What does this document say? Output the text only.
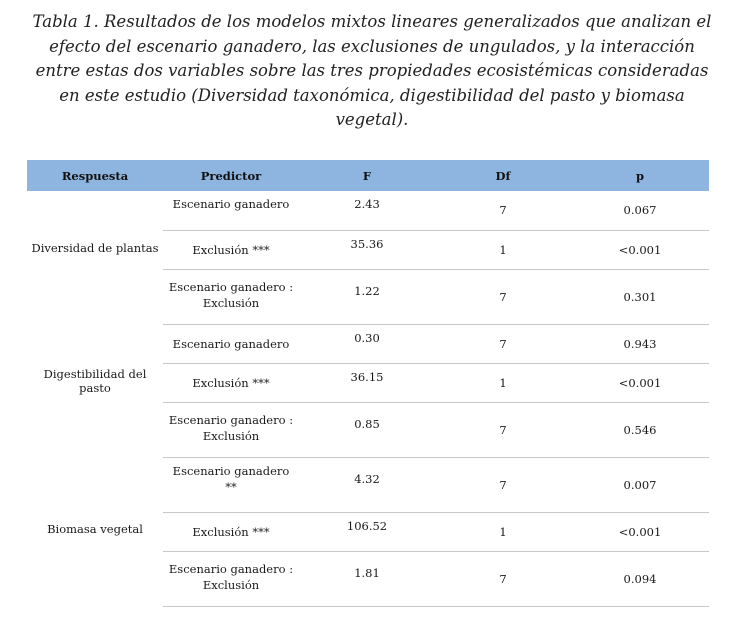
Tabla 1. Resultados de los modelos mixtos lineares generalizados que analizan el efecto del escenario ganadero, las exclusiones de ungulados, y la interacción entre estas dos variables sobre las tres propiedades ecosistémicas consideradas en este estudio (Diversidad taxonómica, digestibilidad del pasto y biomasa vegetal).
Respuesta	Predictor	F	Df	p
Diversidad de plantas	Escenario ganadero	2.43	7	0.067
	Exclusión ***	35.36	1	<0.001
	Escenario ganadero : Exclusión	1.22	7	0.301
Digestibilidad del pasto	Escenario ganadero	0.30	7	0.943
	Exclusión ***	36.15	1	<0.001
	Escenario ganadero : Exclusión	0.85	7	0.546
Biomasa vegetal	Escenario ganadero **	4.32	7	0.007
	Exclusión ***	106.52	1	<0.001
	Escenario ganadero : Exclusión	1.81	7	0.094
